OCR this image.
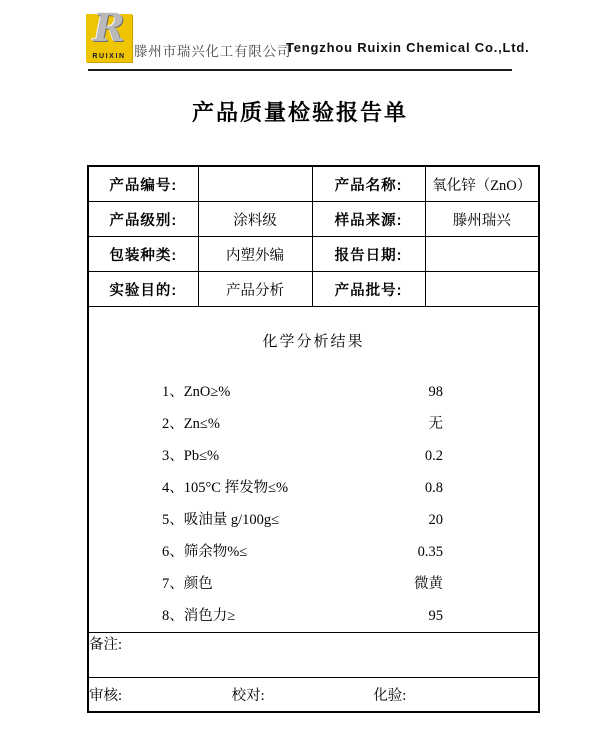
R
RUIXIN 滕州市瑞兴化工有限公司
Tengzhou Ruixin Chemical Co.,Ltd.
产品质量检验报告单
产品编号:		产品名称:	氧化锌（ZnO）
产品级别:	涂料级	样品来源:	滕州瑞兴
包装种类:	内塑外编	报告日期:	
实验目的:	产品分析	产品批号:	

化学分析结果
1、ZnO≥%	98
2、Zn≤%	无
3、Pb≤%	0.2
4、105°C 挥发物≤%	0.8
5、吸油量 g/100g≤	20
6、筛余物%≤	0.35
7、颜色	微黄
8、消色力≥	95

备注:			
审核: 校对: 化验:			
